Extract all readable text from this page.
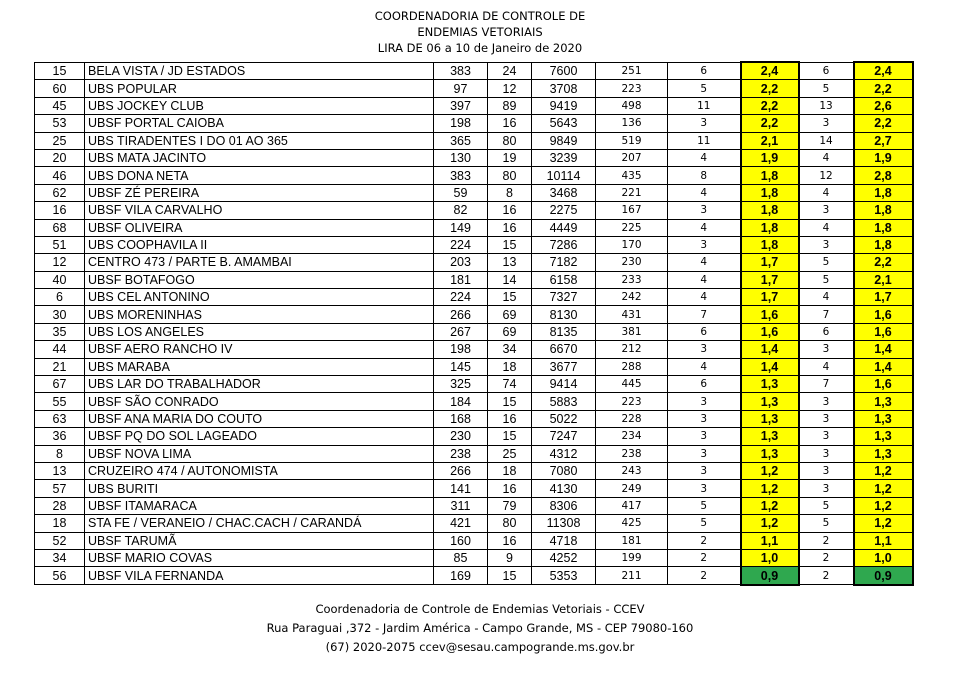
COORDENADORIA DE CONTROLE DE
ENDEMIAS VETORIAIS
LIRA DE 06 a 10 de Janeiro de 2020
15	BELA VISTA / JD ESTADOS	383	24	7600	251	6	2,4	6	2,4
60	UBS POPULAR	97	12	3708	223	5	2,2	5	2,2
45	UBS JOCKEY CLUB	397	89	9419	498	11	2,2	13	2,6
53	UBSF PORTAL CAIOBA	198	16	5643	136	3	2,2	3	2,2
25	UBS TIRADENTES I DO 01 AO 365	365	80	9849	519	11	2,1	14	2,7
20	UBS MATA JACINTO	130	19	3239	207	4	1,9	4	1,9
46	UBS DONA NETA	383	80	10114	435	8	1,8	12	2,8
62	UBSF ZÉ PEREIRA	59	8	3468	221	4	1,8	4	1,8
16	UBSF VILA CARVALHO	82	16	2275	167	3	1,8	3	1,8
68	UBSF OLIVEIRA	149	16	4449	225	4	1,8	4	1,8
51	UBS COOPHAVILA II	224	15	7286	170	3	1,8	3	1,8
12	CENTRO 473 / PARTE B. AMAMBAI	203	13	7182	230	4	1,7	5	2,2
40	UBSF BOTAFOGO	181	14	6158	233	4	1,7	5	2,1
6	UBS CEL ANTONINO	224	15	7327	242	4	1,7	4	1,7
30	UBS MORENINHAS	266	69	8130	431	7	1,6	7	1,6
35	UBS LOS ANGELES	267	69	8135	381	6	1,6	6	1,6
44	UBSF AERO RANCHO IV	198	34	6670	212	3	1,4	3	1,4
21	UBS MARABA	145	18	3677	288	4	1,4	4	1,4
67	UBS LAR DO TRABALHADOR	325	74	9414	445	6	1,3	7	1,6
55	UBSF SÃO CONRADO	184	15	5883	223	3	1,3	3	1,3
63	UBSF ANA MARIA DO COUTO	168	16	5022	228	3	1,3	3	1,3
36	UBSF PQ DO SOL LAGEADO	230	15	7247	234	3	1,3	3	1,3
8	UBSF NOVA LIMA	238	25	4312	238	3	1,3	3	1,3
13	CRUZEIRO 474 / AUTONOMISTA	266	18	7080	243	3	1,2	3	1,2
57	UBS BURITI	141	16	4130	249	3	1,2	3	1,2
28	UBSF ITAMARACA	311	79	8306	417	5	1,2	5	1,2
18	STA FE / VERANEIO / CHAC.CACH / CARANDÁ	421	80	11308	425	5	1,2	5	1,2
52	UBSF TARUMÃ	160	16	4718	181	2	1,1	2	1,1
34	UBSF MARIO COVAS	85	9	4252	199	2	1,0	2	1,0
56	UBSF VILA FERNANDA	169	15	5353	211	2	0,9	2	0,9
Coordenadoria de Controle de Endemias Vetoriais - CCEV
Rua Paraguai ,372 - Jardim América - Campo Grande, MS - CEP 79080-160
(67) 2020-2075 ccev@sesau.campogrande.ms.gov.br
